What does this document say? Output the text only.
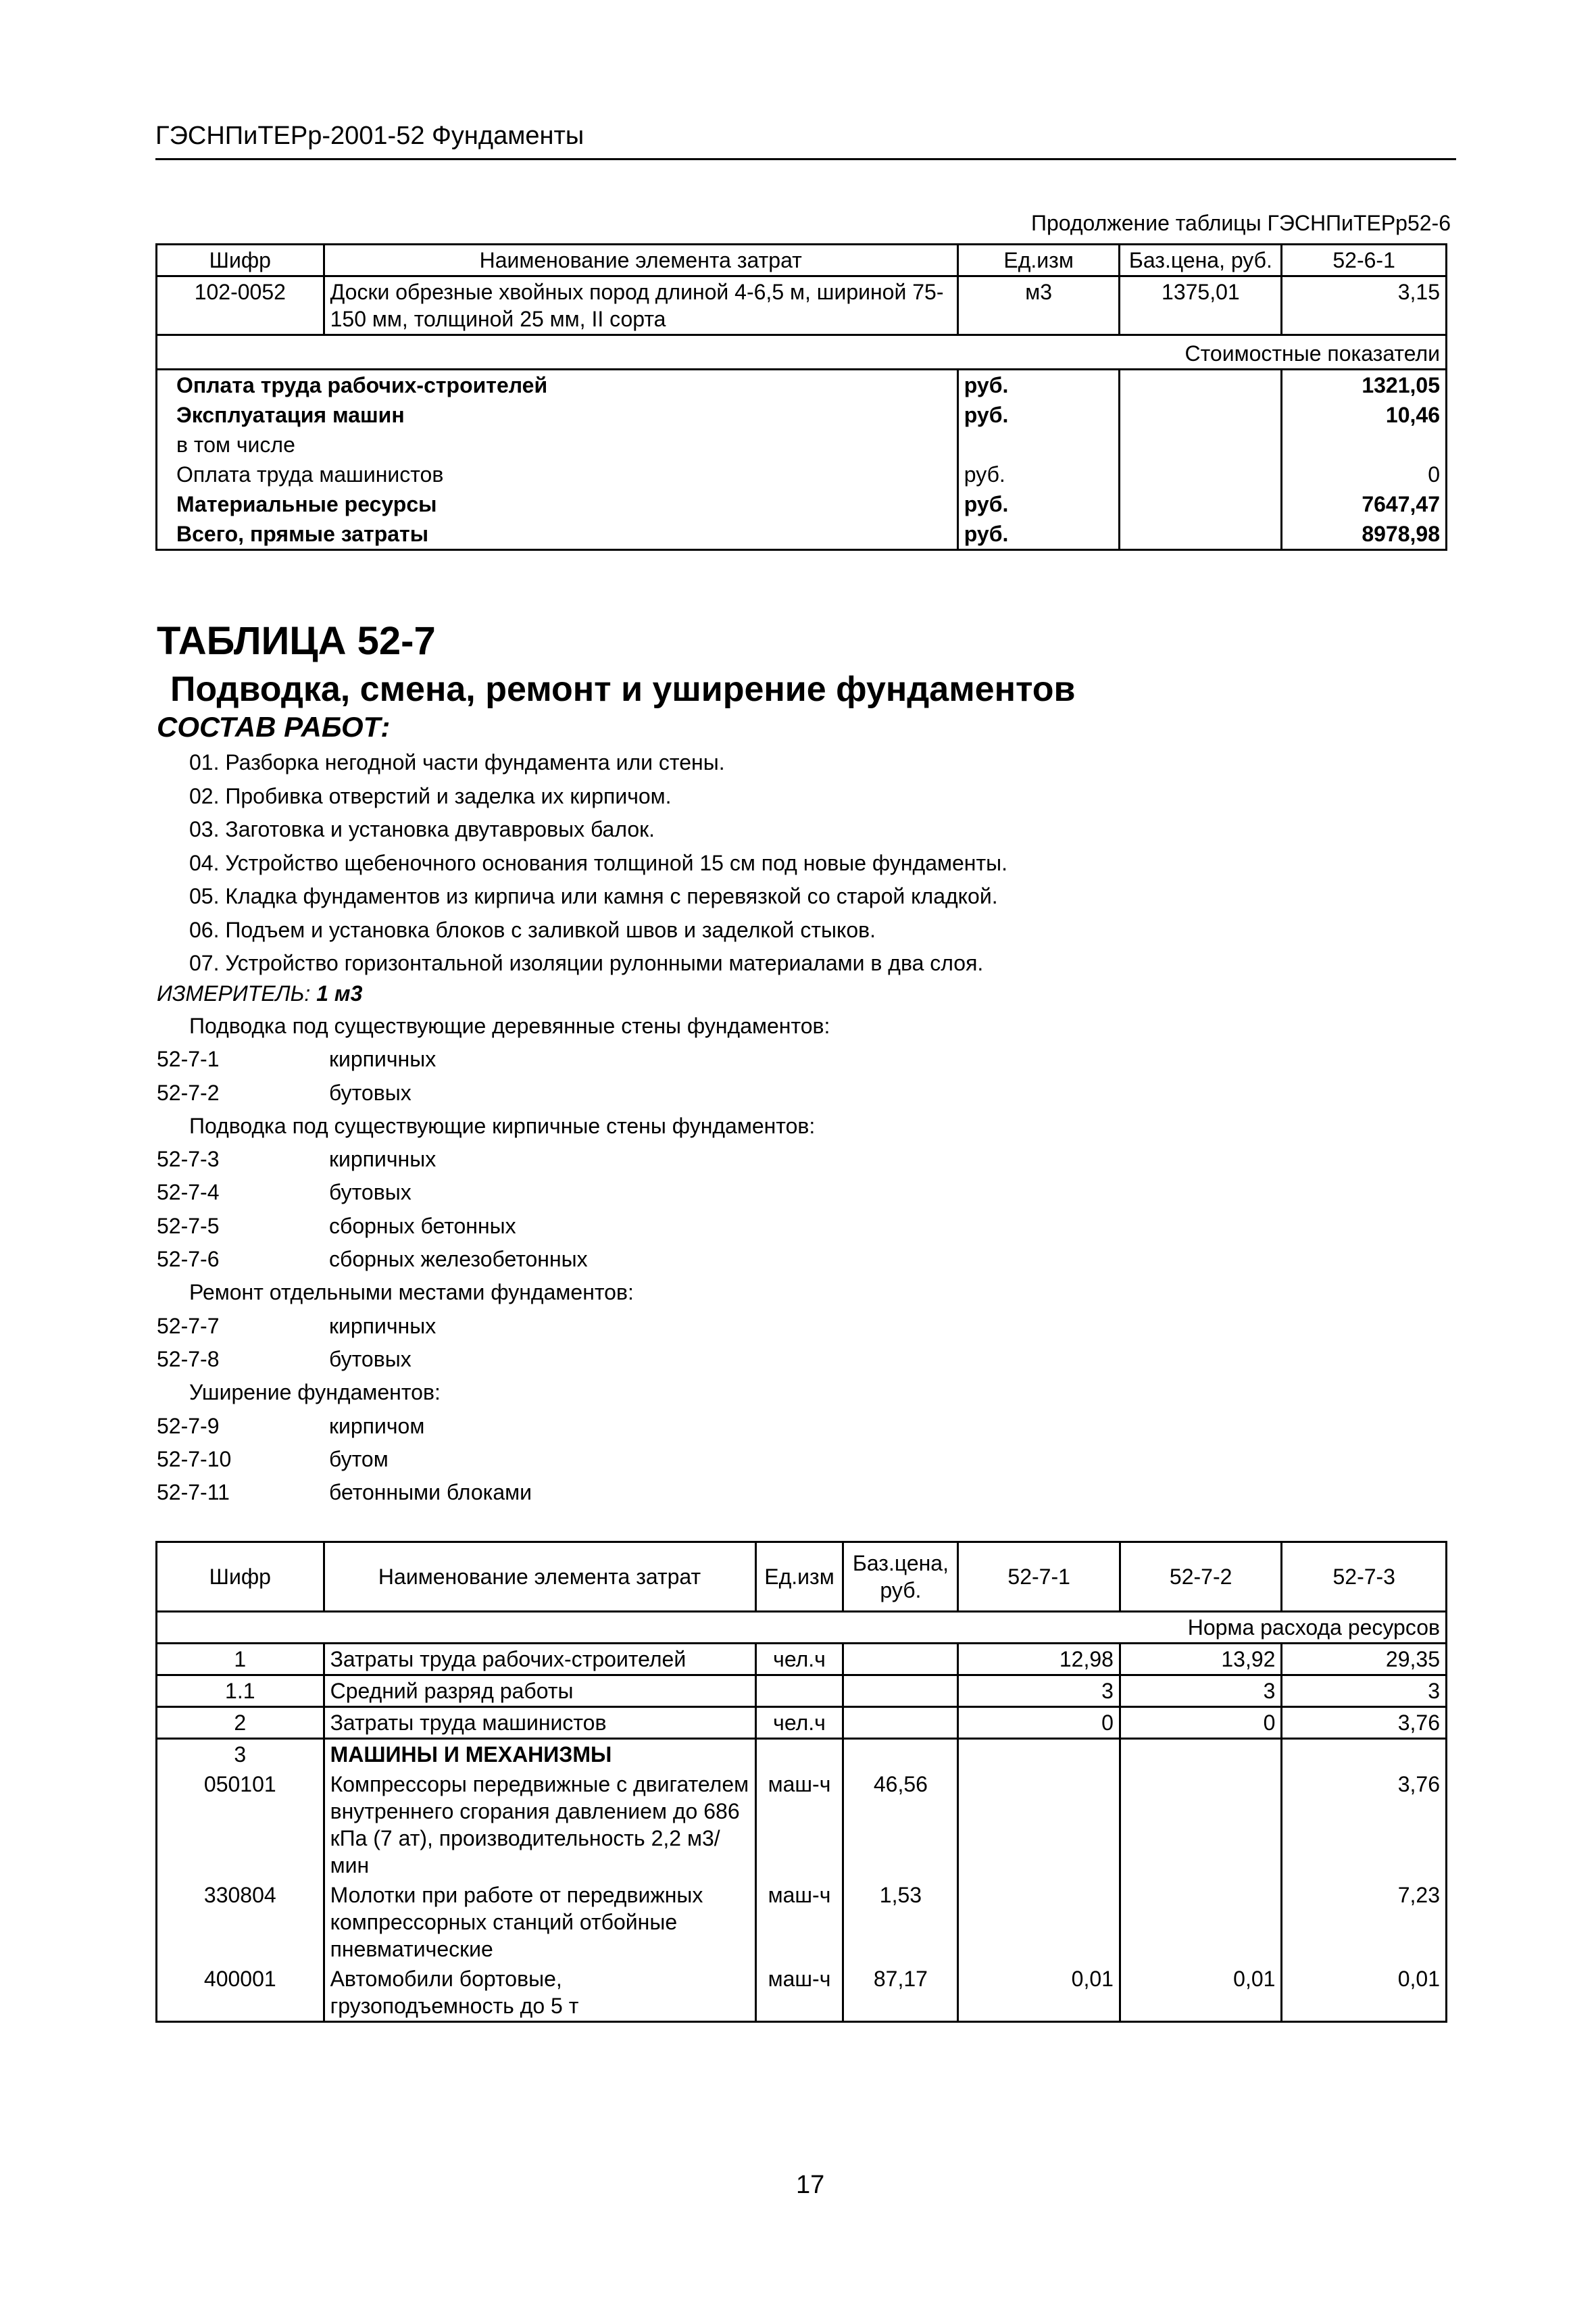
ГЭСНПиТЕРр-2001-52 Фундаменты
Продолжение таблицы ГЭСНПиТЕРр52-6
Шифр	Наименование элемента затрат	Ед.изм	Баз.цена, руб.	52-6-1
102-0052	Доски обрезные хвойных пород длиной 4-6,5 м, шириной 75-150 мм, толщиной 25 мм, II сорта	м3	1375,01	3,15
Стоимостные показатели				
Оплата труда рабочих-строителей		руб.		1321,05
Эксплуатация машин		руб.		10,46
в том числе				
Оплата труда машинистов		руб.		0
Материальные ресурсы		руб.		7647,47
Всего, прямые затраты		руб.		8978,98
ТАБЛИЦА 52-7
Подводка, смена, ремонт и уширение фундаментов
СОСТАВ РАБОТ:
01. Разборка негодной части фундамента или стены.
02. Пробивка отверстий и заделка их кирпичом.
03. Заготовка и установка двутавровых балок.
04. Устройство щебеночного основания толщиной 15 см под новые фундаменты.
05. Кладка фундаментов из кирпича или камня с перевязкой со старой кладкой.
06. Подъем и установка блоков с заливкой швов и заделкой стыков.
07. Устройство горизонтальной изоляции рулонными материалами в два слоя.
ИЗМЕРИТЕЛЬ: 1 м3
Подводка под существующие деревянные стены фундаментов:
52-7-1	кирпичных
52-7-2	бутовых
Подводка под существующие кирпичные стены фундаментов:
52-7-3	кирпичных
52-7-4	бутовых
52-7-5	сборных бетонных
52-7-6	сборных железобетонных
Ремонт отдельными местами фундаментов:
52-7-7	кирпичных
52-7-8	бутовых
Уширение фундаментов:
52-7-9	кирпичом
52-7-10	бутом
52-7-11	бетонными блоками
Шифр	Наименование элемента затрат	Ед.изм	Баз.цена, руб.	52-7-1	52-7-2	52-7-3
Норма расхода ресурсов						
1	Затраты труда рабочих-строителей	чел.ч		12,98	13,92	29,35
1.1	Средний разряд работы			3	3	3
2	Затраты труда машинистов	чел.ч		0	0	3,76
3	МАШИНЫ И МЕХАНИЗМЫ					
050101	Компрессоры передвижные с двигателем внутреннего сгорания давлением до 686 кПа (7 ат), производительность 2,2 м3/мин	маш-ч	46,56			3,76
330804	Молотки при работе от передвижных компрессорных станций отбойные пневматические	маш-ч	1,53			7,23
400001	Автомобили бортовые, грузоподъемность до 5 т	маш-ч	87,17	0,01	0,01	0,01
17
